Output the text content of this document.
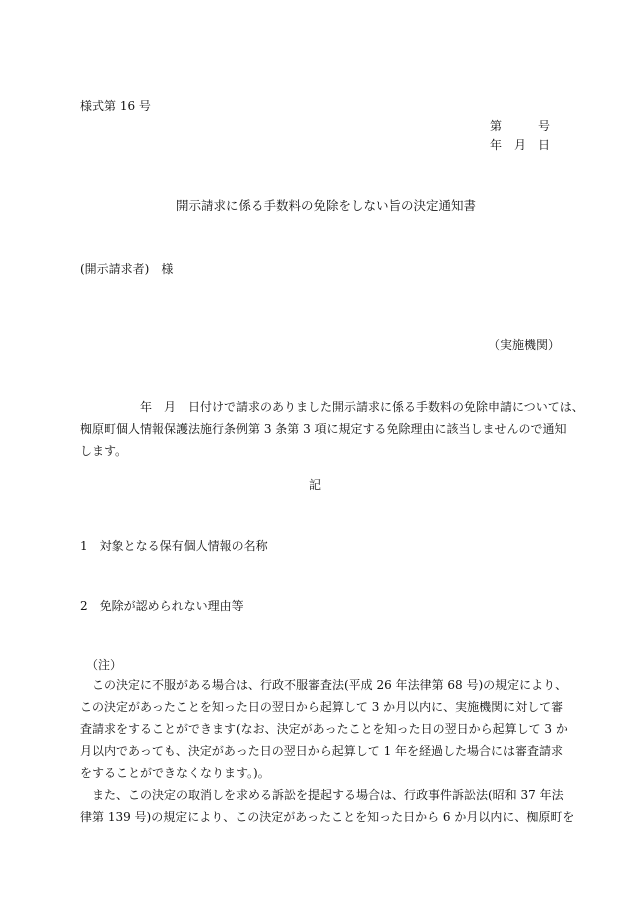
様式第 16 号
第　　　号
年　月　日
開示請求に係る手数料の免除をしない旨の決定通知書
(開示請求者)　様
（実施機関）
　　　　　年　月　日付けで請求のありました開示請求に係る手数料の免除申請については、
椥原町個人情報保護法施行条例第 3 条第 3 項に規定する免除理由に該当しませんので通知
します。
記
1　対象となる保有個人情報の名称
2　免除が認められない理由等
（注）
　この決定に不服がある場合は、行政不服審査法(平成 26 年法律第 68 号)の規定により、
この決定があったことを知った日の翌日から起算して 3 か月以内に、実施機関に対して審
査請求をすることができます(なお、決定があったことを知った日の翌日から起算して 3 か
月以内であっても、決定があった日の翌日から起算して 1 年を経過した場合には審査請求
をすることができなくなります。)。
　また、この決定の取消しを求める訴訟を提起する場合は、行政事件訴訟法(昭和 37 年法
律第 139 号)の規定により、この決定があったことを知った日から 6 か月以内に、椥原町を
